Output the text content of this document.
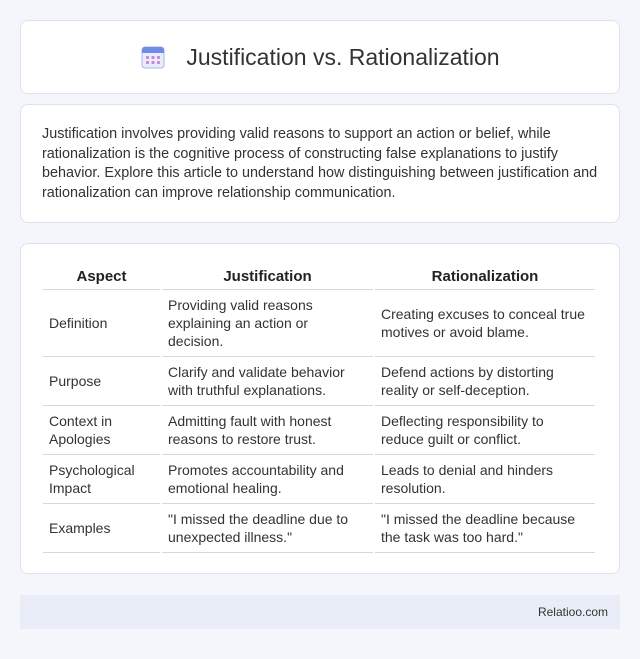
Justification vs. Rationalization

Justification involves providing valid reasons to support an action or belief, while rationalization is the cognitive process of constructing false explanations to justify behavior. Explore this article to understand how distinguishing between justification and rationalization can improve relationship communication.

Aspect	Justification	Rationalization
Definition	Providing valid reasons explaining an action or decision.	Creating excuses to conceal true motives or avoid blame.
Purpose	Clarify and validate behavior with truthful explanations.	Defend actions by distorting reality or self-deception.
Context in Apologies	Admitting fault with honest reasons to restore trust.	Deflecting responsibility to reduce guilt or conflict.
Psychological Impact	Promotes accountability and emotional healing.	Leads to denial and hinders resolution.
Examples	"I missed the deadline due to unexpected illness."	"I missed the deadline because the task was too hard."
Relatioo.com
